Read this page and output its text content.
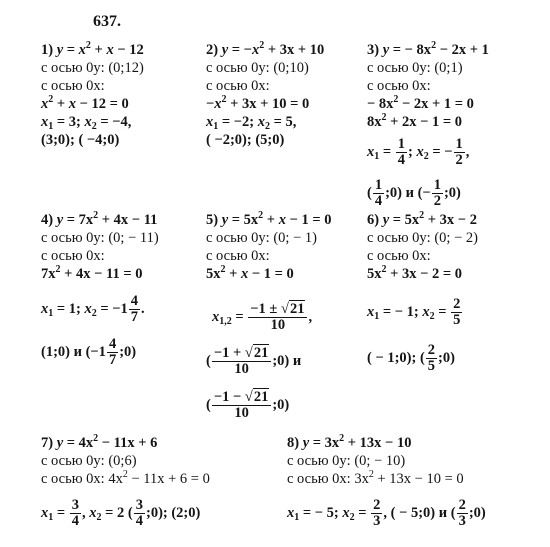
637.
1) $y = x^2 + x - 12$
с осью 0y: (0;12)
с осью 0x:
$x^2 + x - 12 = 0$
$x_1 = 3$; $x_2 = -4$,
(3;0); ( −4;0)
2) $y = -x^2 + 3x + 10$
с осью 0y: (0;10)
с осью 0x:
$-x^2 + 3x + 10 = 0$
$x_1 = -2$; $x_2 = 5$,
( −2;0); (5;0)
3) y = − $8x^2 - 2x + 1$
с осью 0y: (0;1)
с осью 0x:
− $8x^2 - 2x + 1 = 0$
$8x^2 + 2x - 1 = 0$
$x_1 = \frac{1}{4}$ ; $x_2$ = − $\frac{1}{2}$ ,
( $\frac{1}{4}$ ;0) и (− $\frac{1}{2}$ ;0)
4) $y = 7x^2 + 4x - 11$
с осью 0y: (0; − 11)
с осью 0x:
$7x^2 + 4x - 11 = 0$
$x_1 = 1$; $x_2 = -1 \frac{4}{7}$ .
(1;0) и ($-1 \frac{4}{7}$ ;0)
5) $y = 5x^2 + x - 1 = 0$
с осью 0y: (0; − 1)
с осью 0x:
$5x^2 + x - 1 = 0$
$x_{1,2} = \frac{-1 \pm √21}{10}$ ,
( $\frac{-1 + √21}{10}$ ;0) и
( $\frac{-1 - √21}{10}$ ;0)
6) $y = 5x^2 + 3x - 2$
с осью 0y: (0; − 2)
с осью 0x:
$5x^2 + 3x - 2 = 0$
$x_1$ = − 1; $x_2 = \frac{2}{5}$
( − 1;0); ( $\frac{2}{5}$ ;0)
7) $y = 4x^2 - 11x + 6$
с осью 0y: (0;6)
с осью 0x: $4x^2 - 11x + 6 = 0$
$x_1 = \frac{3}{4}$ , $x_2 = 2$ ( $\frac{3}{4}$ ;0); (2;0)
8) $y = 3x^2 + 13x - 10$
с осью 0y: (0; − 10)
с осью 0x: $3x^2 + 13x - 10 = 0$
$x_1$ = − 5; $x_2 = \frac{2}{3}$ , ( − 5;0) и ( $\frac{2}{3}$ ;0)
